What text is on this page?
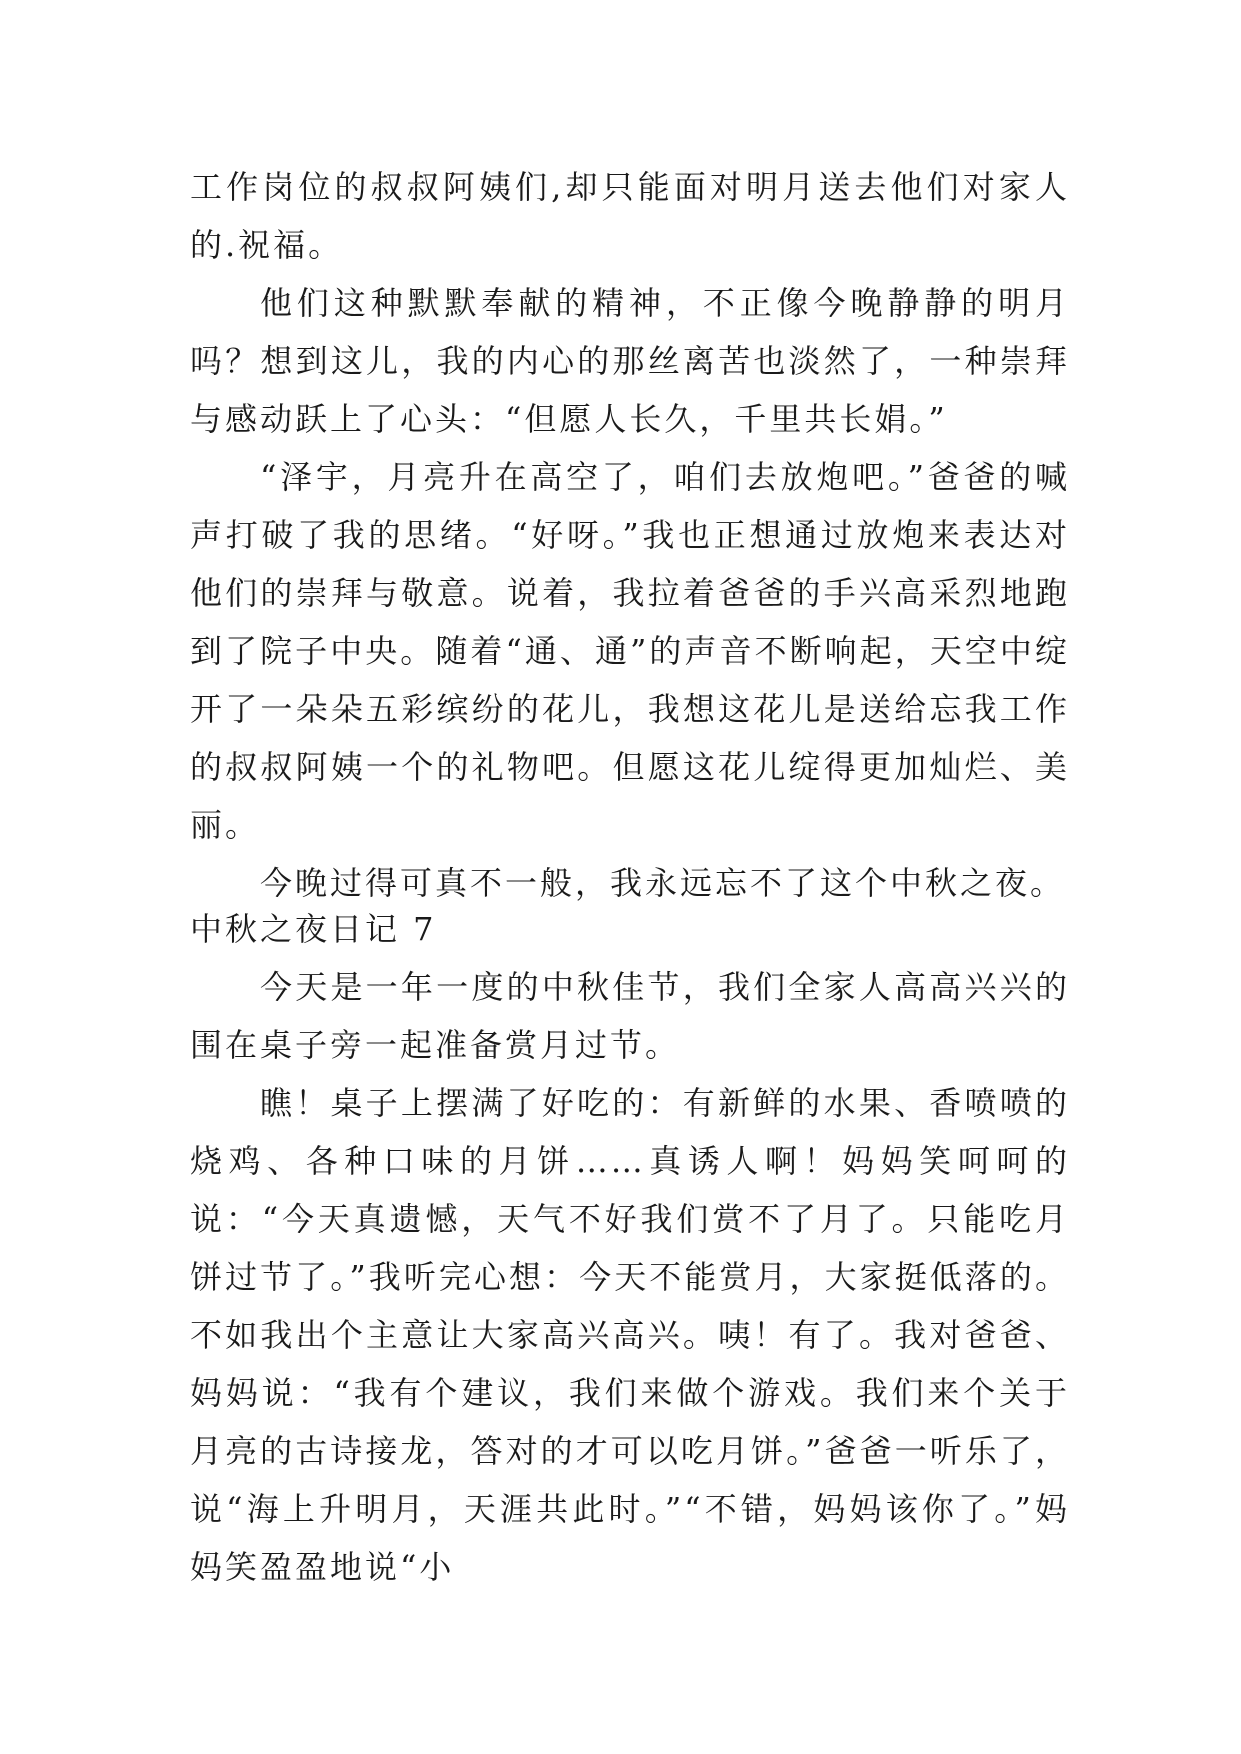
工作岗位的叔叔阿姨们,却只能面对明月送去他们对家人的.祝福。

他们这种默默奉献的精神，不正像今晚静静的明月吗？想到这儿，我的内心的那丝离苦也淡然了，一种崇拜与感动跃上了心头：“但愿人长久，千里共长娟。”

“泽宇，月亮升在高空了，咱们去放炮吧。”爸爸的喊声打破了我的思绪。“好呀。”我也正想通过放炮来表达对他们的崇拜与敬意。说着，我拉着爸爸的手兴高采烈地跑到了院子中央。随着“通、通”的声音不断响起，天空中绽开了一朵朵五彩缤纷的花儿，我想这花儿是送给忘我工作的叔叔阿姨一个的礼物吧。但愿这花儿绽得更加灿烂、美丽。

今晚过得可真不一般，我永远忘不了这个中秋之夜。

中秋之夜日记 7

今天是一年一度的中秋佳节，我们全家人高高兴兴的围在桌子旁一起准备赏月过节。

瞧！桌子上摆满了好吃的：有新鲜的水果、香喷喷的烧鸡、各种口味的月饼……真诱人啊！妈妈笑呵呵的说：“今天真遗憾，天气不好我们赏不了月了。只能吃月饼过节了。”我听完心想：今天不能赏月，大家挺低落的。不如我出个主意让大家高兴高兴。咦！有了。我对爸爸、妈妈说：“我有个建议，我们来做个游戏。我们来个关于月亮的古诗接龙，答对的才可以吃月饼。”爸爸一听乐了，说“海上升明月，天涯共此时。”“不错，妈妈该你了。”妈妈笑盈盈地说“小
